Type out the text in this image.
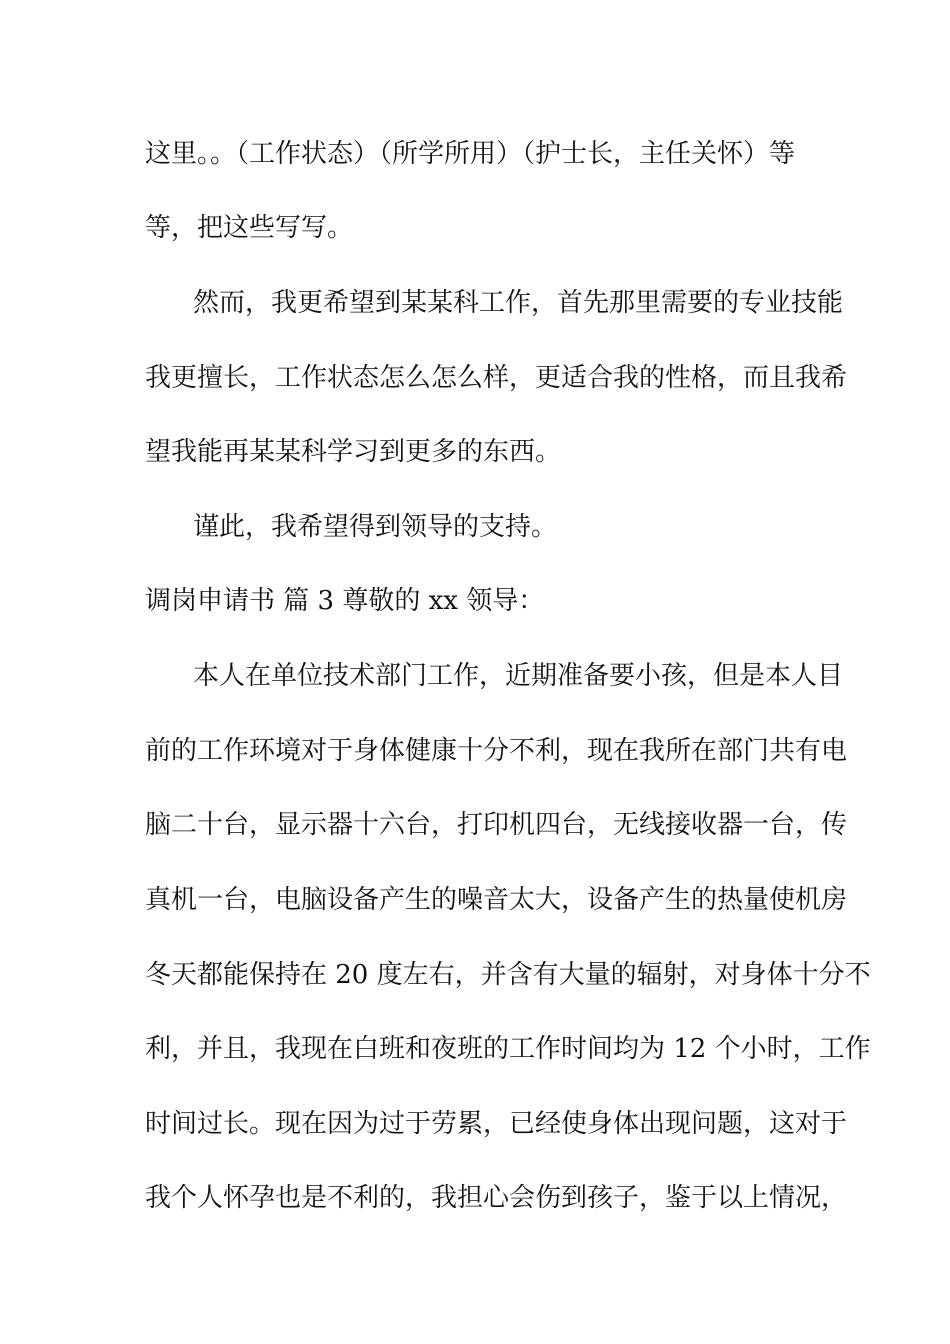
这里。。（工作状态）（所学所用）（护士长，主任关怀）等
等，把这些写写。
然而，我更希望到某某科工作，首先那里需要的专业技能
我更擅长，工作状态怎么怎么样，更适合我的性格，而且我希
望我能再某某科学习到更多的东西。
谨此，我希望得到领导的支持。
调岗申请书 篇 3 尊敬的 xx 领导：
本人在单位技术部门工作，近期准备要小孩，但是本人目
前的工作环境对于身体健康十分不利，现在我所在部门共有电
脑二十台，显示器十六台，打印机四台，无线接收器一台，传
真机一台，电脑设备产生的噪音太大，设备产生的热量使机房
冬天都能保持在 20 度左右，并含有大量的辐射，对身体十分不
利，并且，我现在白班和夜班的工作时间均为 12 个小时，工作
时间过长。现在因为过于劳累，已经使身体出现问题，这对于
我个人怀孕也是不利的，我担心会伤到孩子，鉴于以上情况，
